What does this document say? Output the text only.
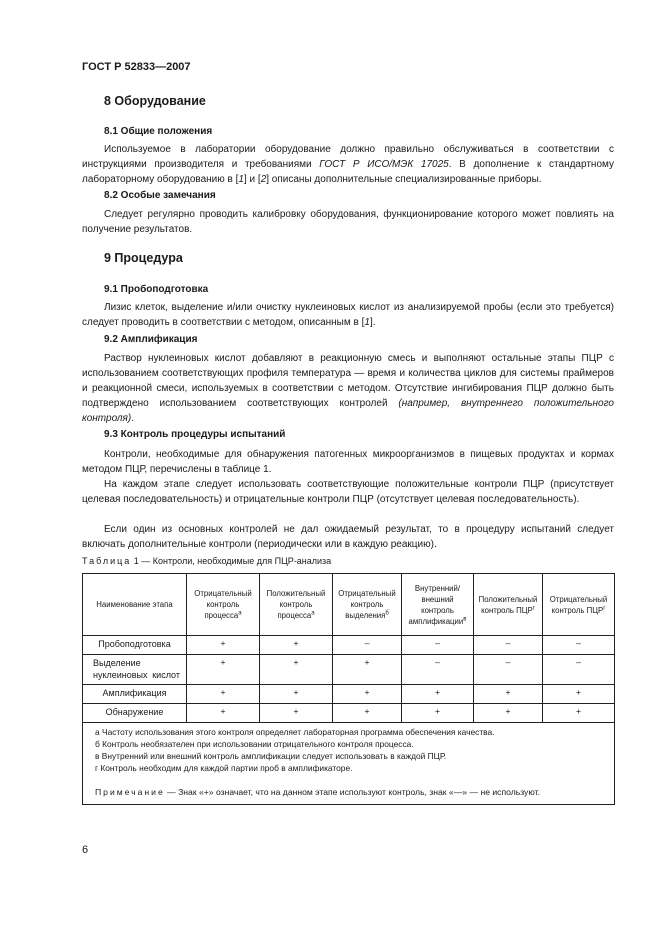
ГОСТ Р 52833—2007
8 Оборудование
8.1 Общие положения

Используемое в лаборатории оборудование должно правильно обслуживаться в соответствии с инструкциями производителя и требованиями ГОСТ Р ИСО/МЭК 17025. В дополнение к стандартному лабораторному оборудованию в [1] и [2] описаны дополнительные специализированные приборы.

8.2 Особые замечания

Следует регулярно проводить калибровку оборудования, функционирование которого может повлиять на получение результатов.

9 Процедура
9.1 Пробоподготовка

Лизис клеток, выделение и/или очистку нуклеиновых кислот из анализируемой пробы (если это требуется) следует проводить в соответствии с методом, описанным в [1].

9.2 Амплификация

Раствор нуклеиновых кислот добавляют в реакционную смесь и выполняют остальные этапы ПЦР с использованием соответствующих профиля температура — время и количества циклов для системы праймеров и реакционной смеси, используемых в соответствии с методом. Отсутствие ингибирования ПЦР должно быть подтверждено использованием соответствующих контролей (например, внутреннего положительного контроля).

9.3 Контроль процедуры испытаний

Контроли, необходимые для обнаружения патогенных микроорганизмов в пищевых продуктах и кормах методом ПЦР, перечислены в таблице 1.

На каждом этапе следует использовать соответствующие положительные контроли ПЦР (присутствует целевая последовательность) и отрицательные контроли ПЦР (отсутствует целевая последовательность).

Если один из основных контролей не дал ожидаемый результат, то в процедуру испытаний следует включать дополнительные контроли (периодически или в каждую реакцию).

Таблица 1 — Контроли, необходимые для ПЦР-анализа
Наименование этапа	Отрицательный контроль процесса$^а$	Положительный контроль процесса$^а$	Отрицательный контроль выделения$^б$	Внутренний/ внешний контроль амплификации$^в$	Положительный контроль $ПЦР^г$	Отрицательный контроль $ПЦР^г$
Пробоподготовка	+	+	–	–	–	–
Выделение нуклеиновых кислот	+	+	+	–	–	–
Амплификация	+	+	+	+	+	+
Обнаружение	+	+	+	+	+	+

а Частоту использования этого контроля определяет лабораторная программа обеспечения качества.
б Контроль необязателен при использовании отрицательного контроля процесса.
в Внутренний или внешний контроль амплификации следует использовать в каждой ПЦР.
г Контроль необходим для каждой партии проб в амплификаторе.
Примечание — Знак «+» означает, что на данном этапе используют контроль, знак «—» — не используют.						
6
